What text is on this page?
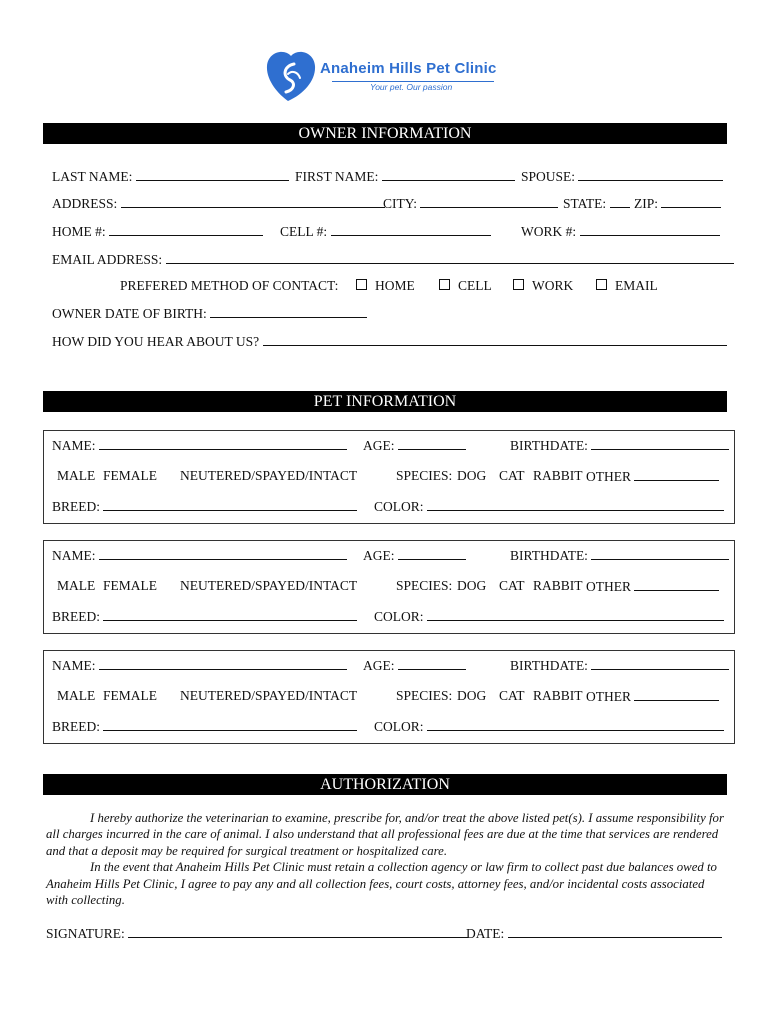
Anaheim Hills Pet Clinic
Your pet. Our passion
OWNER INFORMATION
LAST NAME:	FIRST NAME:	SPOUSE:
ADDRESS:	CITY:	STATE:	ZIP:
HOME #:	CELL #:	WORK #:
EMAIL ADDRESS:
PREFERED METHOD OF CONTACT:	HOME	CELL	WORK	EMAIL
OWNER DATE OF BIRTH:
HOW DID YOU HEAR ABOUT US?
PET INFORMATION
NAME:	AGE:	BIRTHDATE:
MALE FEMALE NEUTERED/SPAYED/INTACT	SPECIES: DOG CAT RABBIT OTHER
BREED:	COLOR:
NAME:	AGE:	BIRTHDATE:
MALE FEMALE NEUTERED/SPAYED/INTACT	SPECIES: DOG CAT RABBIT OTHER
BREED:	COLOR:
NAME:	AGE:	BIRTHDATE:
MALE FEMALE NEUTERED/SPAYED/INTACT	SPECIES: DOG CAT RABBIT OTHER
BREED:	COLOR:
AUTHORIZATION

I hereby authorize the veterinarian to examine, prescribe for, and/or treat the above listed pet(s). I assume responsibility for all charges incurred in the care of animal. I also understand that all professional fees are due at the time that services are rendered and that a deposit may be required for surgical treatment or hospitalized care.

In the event that Anaheim Hills Pet Clinic must retain a collection agency or law firm to collect past due balances owed to Anaheim Hills Pet Clinic, I agree to pay any and all collection fees, court costs, attorney fees, and/or incidental costs associated with collecting.

SIGNATURE:	DATE:
